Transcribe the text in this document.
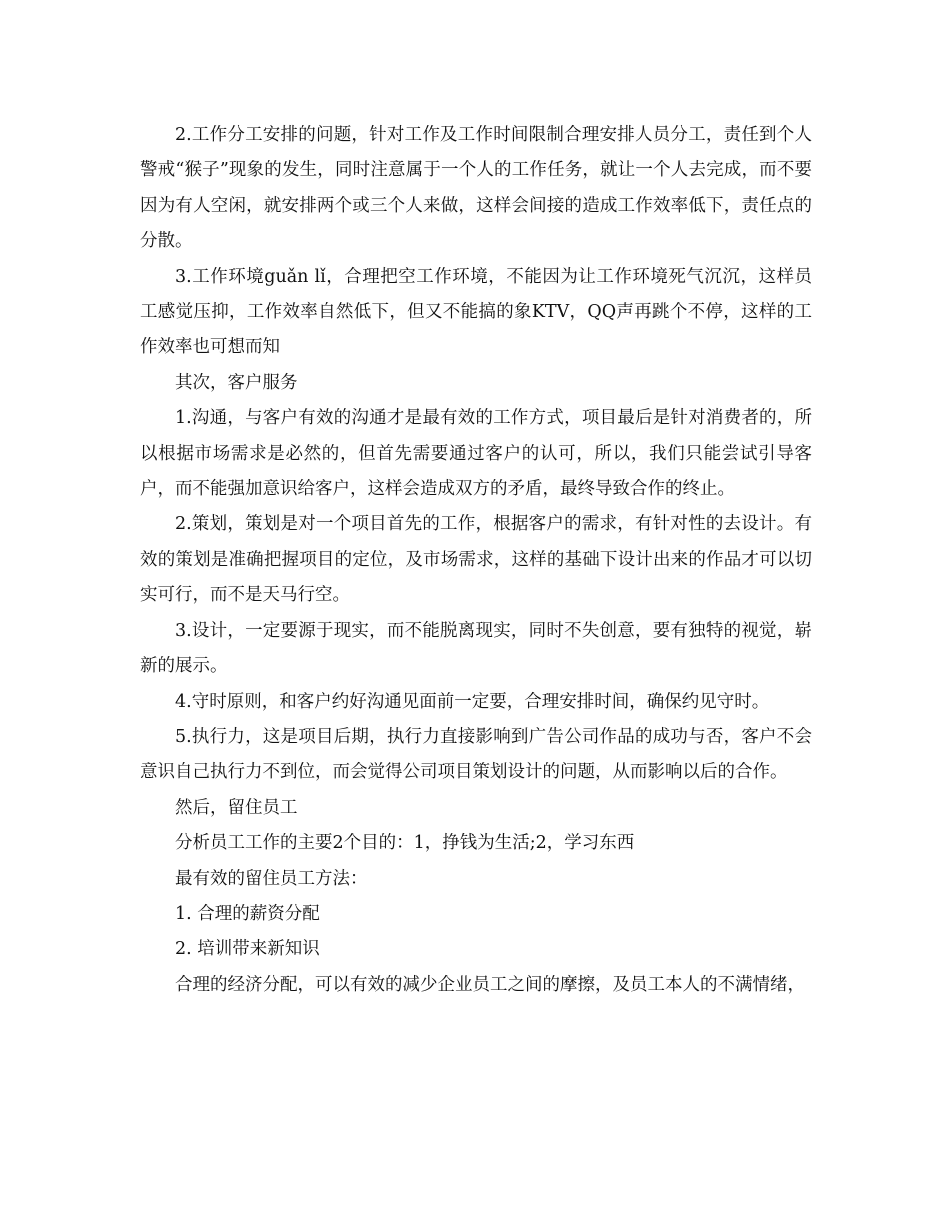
2.工作分工安排的问题，针对工作及工作时间限制合理安排人员分工，责任到个人警戒“猴子”现象的发生，同时注意属于一个人的工作任务，就让一个人去完成，而不要因为有人空闲，就安排两个或三个人来做，这样会间接的造成工作效率低下，责任点的分散。

3.工作环境guǎn lǐ，合理把空工作环境，不能因为让工作环境死气沉沉，这样员工感觉压抑，工作效率自然低下，但又不能搞的象KTV，QQ声再跳个不停，这样的工作效率也可想而知

其次，客户服务

1.沟通，与客户有效的沟通才是最有效的工作方式，项目最后是针对消费者的，所以根据市场需求是必然的，但首先需要通过客户的认可，所以，我们只能尝试引导客户，而不能强加意识给客户，这样会造成双方的矛盾，最终导致合作的终止。

2.策划，策划是对一个项目首先的工作，根据客户的需求，有针对性的去设计。有效的策划是准确把握项目的定位，及市场需求，这样的基础下设计出来的作品才可以切实可行，而不是天马行空。

3.设计，一定要源于现实，而不能脱离现实，同时不失创意，要有独特的视觉，崭新的展示。

4.守时原则，和客户约好沟通见面前一定要，合理安排时间，确保约见守时。

5.执行力，这是项目后期，执行力直接影响到广告公司作品的成功与否，客户不会意识自己执行力不到位，而会觉得公司项目策划设计的问题，从而影响以后的合作。

然后，留住员工

分析员工工作的主要2个目的：1，挣钱为生活;2，学习东西

最有效的留住员工方法：

1. 合理的薪资分配

2. 培训带来新知识

合理的经济分配，可以有效的减少企业员工之间的摩擦，及员工本人的不满情绪，
